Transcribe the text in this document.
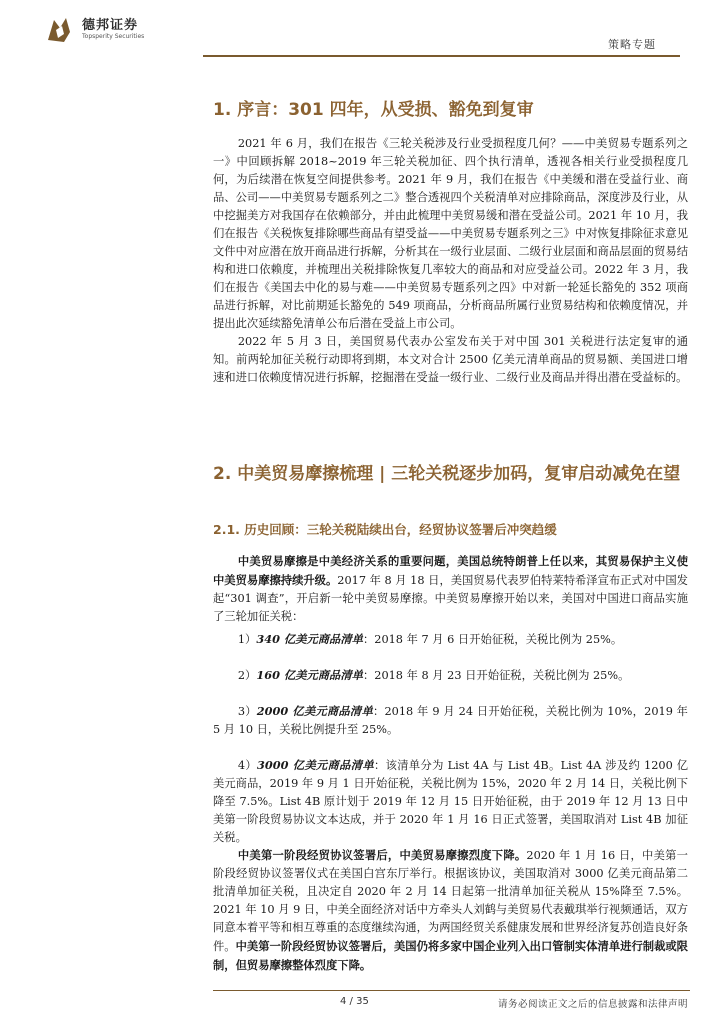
德邦证券
Topsperity Securities
策略专题
1. 序言：301 四年，从受损、豁免到复审

2021 年 6 月，我们在报告《三轮关税涉及行业受损程度几何？——中美贸易专题系列之一》中回顾拆解 2018~2019 年三轮关税加征、四个执行清单，透视各相关行业受损程度几何，为后续潜在恢复空间提供参考。2021 年 9 月，我们在报告《中美缓和潜在受益行业、商品、公司——中美贸易专题系列之二》整合透视四个关税清单对应排除商品，深度涉及行业，从中挖掘美方对我国存在依赖部分，并由此梳理中美贸易缓和潜在受益公司。2021 年 10 月，我们在报告《关税恢复排除哪些商品有望受益——中美贸易专题系列之三》中对恢复排除征求意见文件中对应潜在放开商品进行拆解，分析其在一级行业层面、二级行业层面和商品层面的贸易结构和进口依赖度，并梳理出关税排除恢复几率较大的商品和对应受益公司。2022 年 3 月，我们在报告《美国去中化的易与难——中美贸易专题系列之四》中对新一轮延长豁免的 352 项商品进行拆解，对比前期延长豁免的 549 项商品，分析商品所属行业贸易结构和依赖度情况，并提出此次延续豁免清单公布后潜在受益上市公司。

2022 年 5 月 3 日，美国贸易代表办公室发布关于对中国 301 关税进行法定复审的通知。前两轮加征关税行动即将到期，本文对合计 2500 亿美元清单商品的贸易额、美国进口增速和进口依赖度情况进行拆解，挖掘潜在受益一级行业、二级行业及商品并得出潜在受益标的。

2. 中美贸易摩擦梳理 | 三轮关税逐步加码，复审启动减免在望
2.1. 历史回顾：三轮关税陆续出台，经贸协议签署后冲突趋缓

中美贸易摩擦是中美经济关系的重要问题，美国总统特朗普上任以来，其贸易保护主义使中美贸易摩擦持续升级。2017 年 8 月 18 日，美国贸易代表罗伯特莱特希泽宣布正式对中国发起“301 调查”，开启新一轮中美贸易摩擦。中美贸易摩擦开始以来，美国对中国进口商品实施了三轮加征关税：

1）340 亿美元商品清单：2018 年 7 月 6 日开始征税，关税比例为 25%。

2）160 亿美元商品清单：2018 年 8 月 23 日开始征税，关税比例为 25%。

3）2000 亿美元商品清单：2018 年 9 月 24 日开始征税，关税比例为 10%，2019 年 5 月 10 日，关税比例提升至 25%。

4）3000 亿美元商品清单：该清单分为 List 4A 与 List 4B。List 4A 涉及约 1200 亿美元商品，2019 年 9 月 1 日开始征税，关税比例为 15%，2020 年 2 月 14 日，关税比例下降至 7.5%。List 4B 原计划于 2019 年 12 月 15 日开始征税，由于 2019 年 12 月 13 日中美第一阶段贸易协议文本达成，并于 2020 年 1 月 16 日正式签署，美国取消对 List 4B 加征关税。

中美第一阶段经贸协议签署后，中美贸易摩擦烈度下降。2020 年 1 月 16 日，中美第一阶段经贸协议签署仪式在美国白宫东厅举行。根据该协议，美国取消对 3000 亿美元商品第二批清单加征关税，且决定自 2020 年 2 月 14 日起第一批清单加征关税从 15%降至 7.5%。2021 年 10 月 9 日，中美全面经济对话中方牵头人刘鹤与美贸易代表戴琪举行视频通话，双方同意本着平等和相互尊重的态度继续沟通，为两国经贸关系健康发展和世界经济复苏创造良好条件。中美第一阶段经贸协议签署后，美国仍将多家中国企业列入出口管制实体清单进行制裁或限制，但贸易摩擦整体烈度下降。

4 / 35	请务必阅读正文之后的信息披露和法律声明
